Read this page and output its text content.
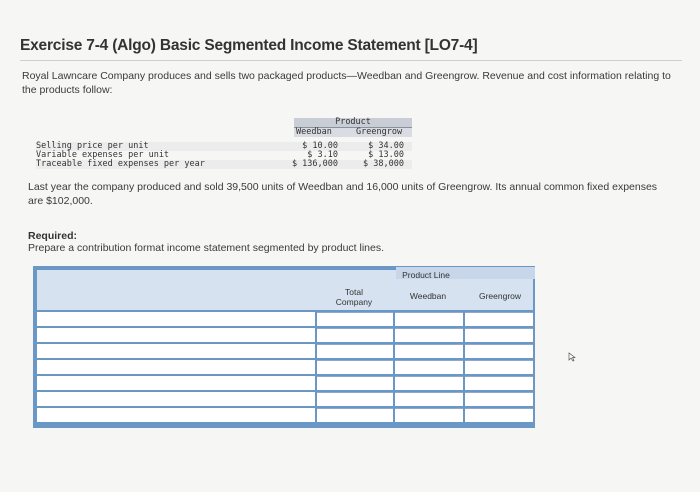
Exercise 7-4 (Algo) Basic Segmented Income Statement [LO7-4]
Royal Lawncare Company produces and sells two packaged products—Weedban and Greengrow. Revenue and cost information relating to the products follow:
Product
Weedban	Greengrow
Selling price per unit
Variable expenses per unit
Traceable fixed expenses per year
$ 10.00
$ 3.10
$ 136,000
$ 34.00
$ 13.00
$ 38,000
Last year the company produced and sold 39,500 units of Weedban and 16,000 units of Greengrow. Its annual common fixed expenses are $102,000.
Required:
Prepare a contribution format income statement segmented by product lines.
Product Line
Total Company
Weedban	Greengrow
